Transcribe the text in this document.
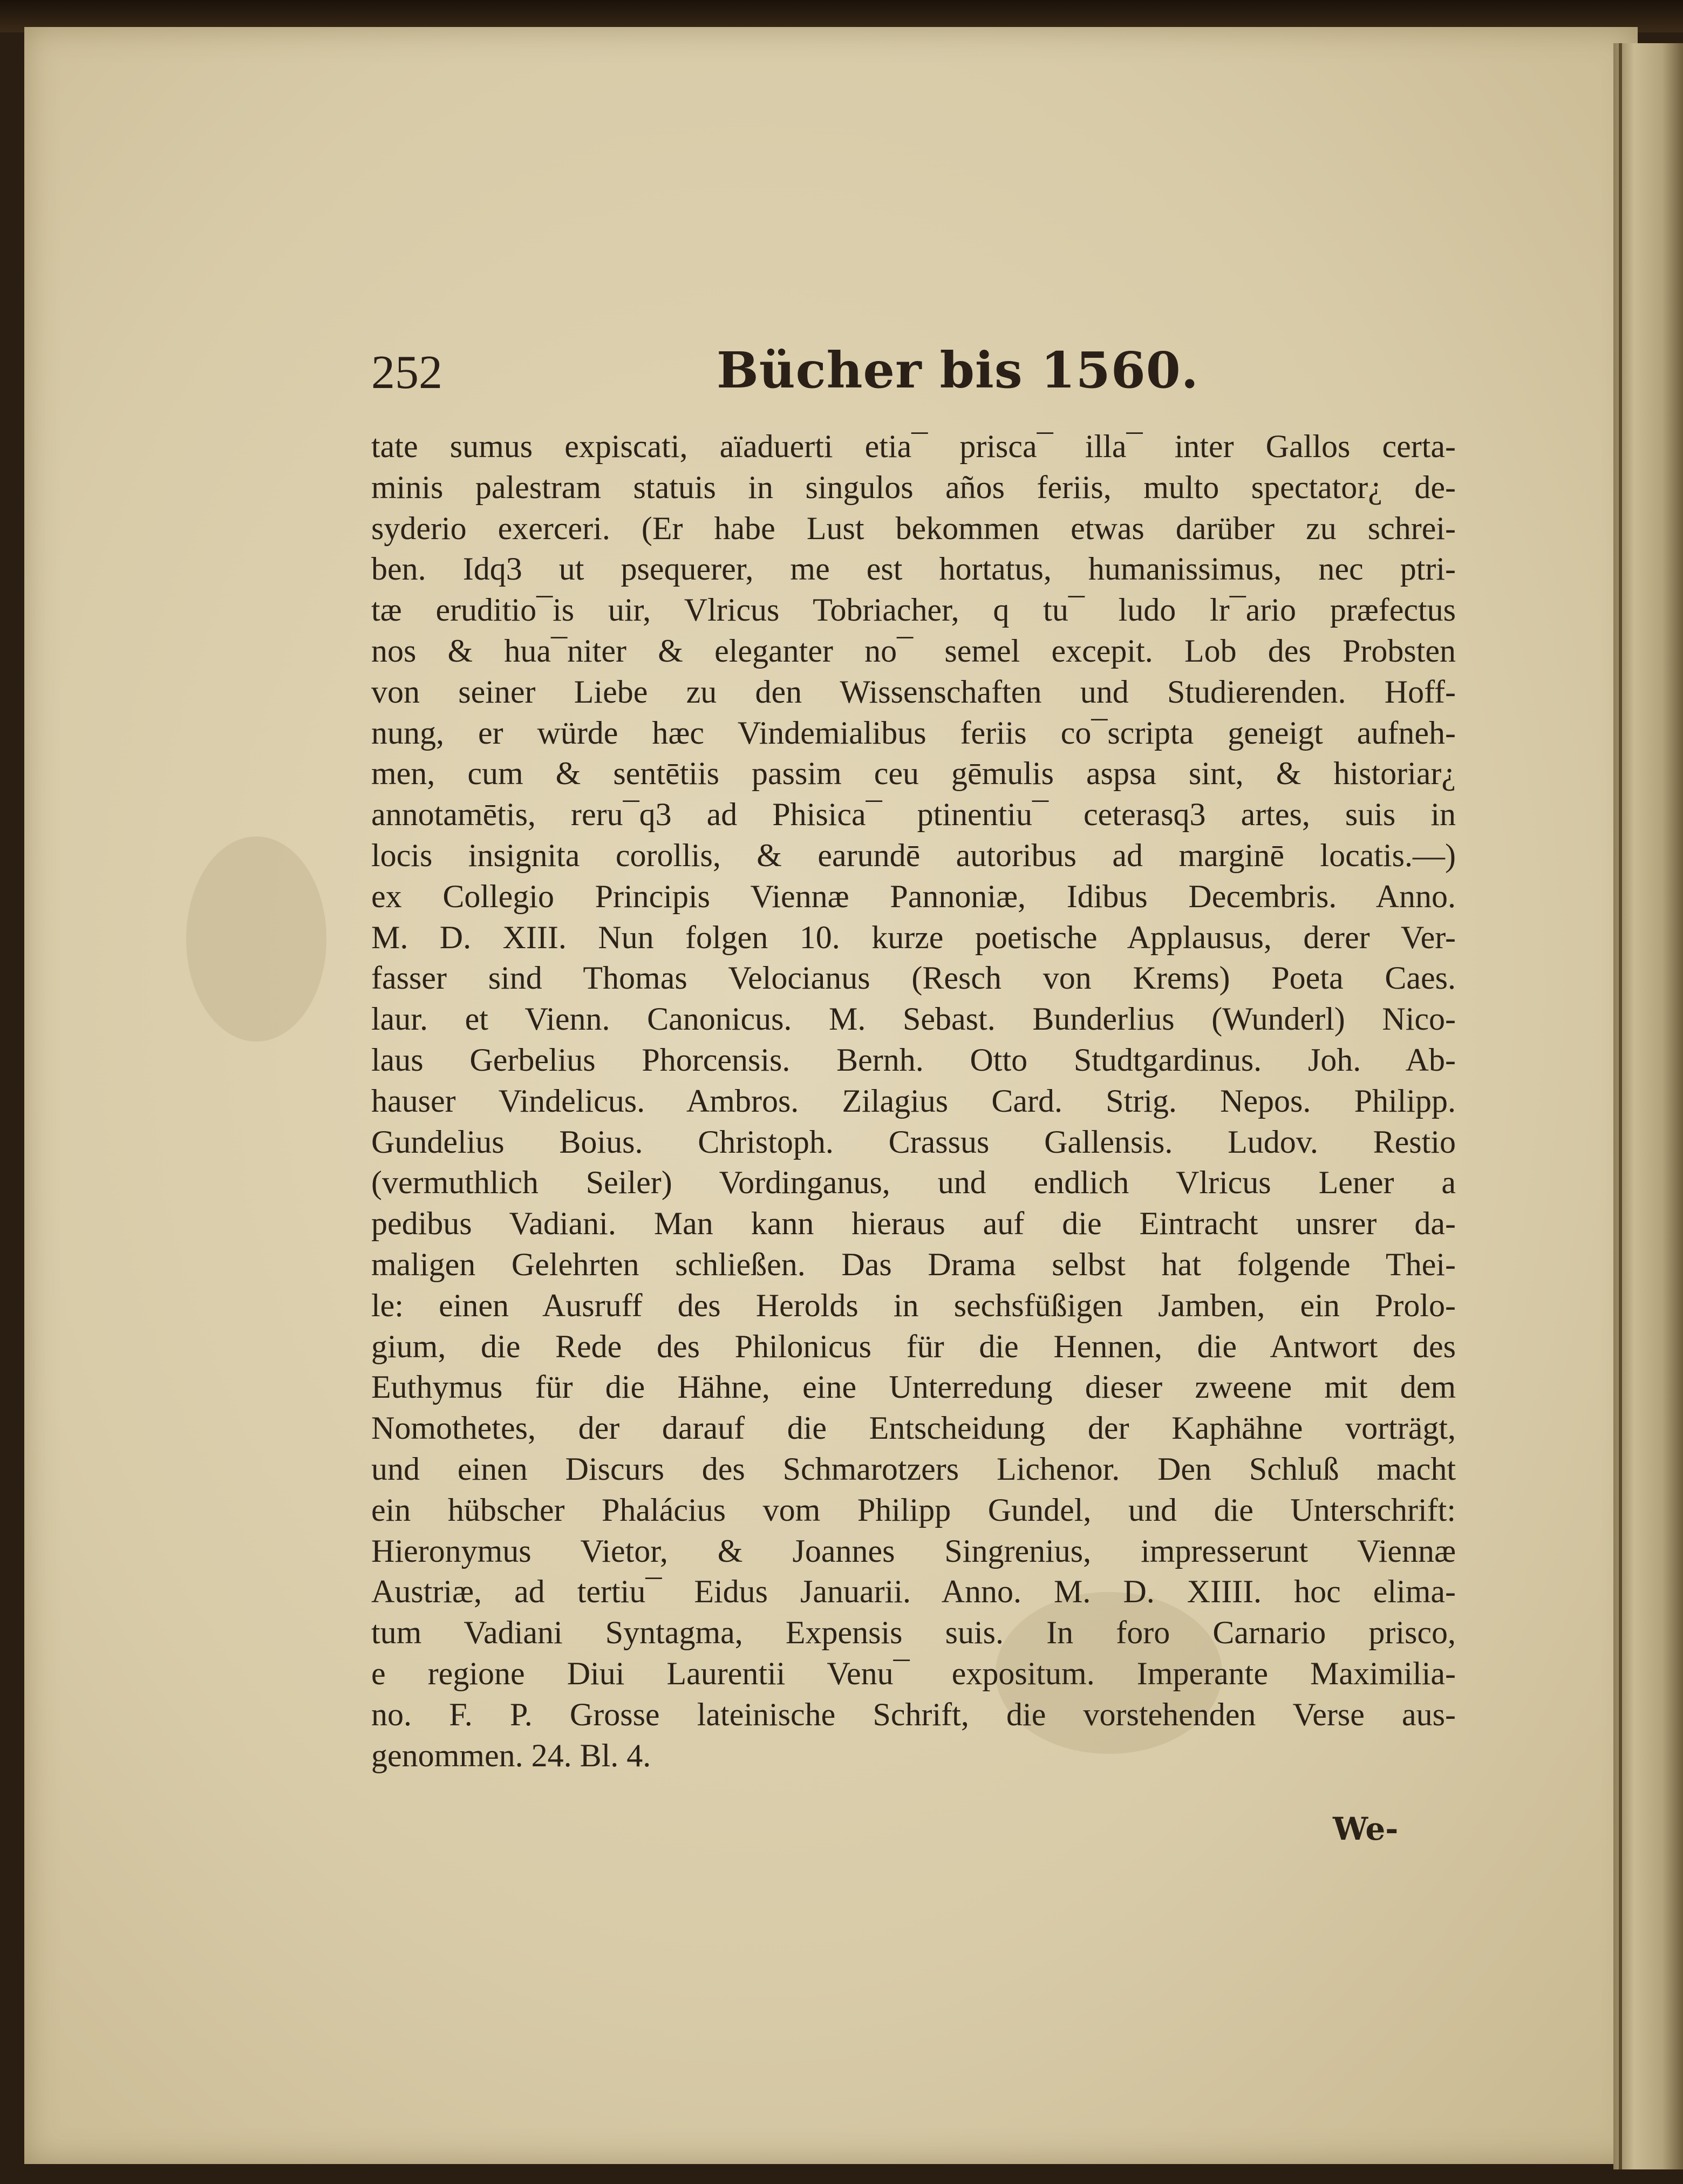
252	Bücher bis 1560.
tate sumus expiscati, aïaduerti etia¯ prisca¯ illa¯ inter Gallos certa-
minis palestram statuis in singulos años feriis, multo spectator¿ de-
syderio exerceri. (Er habe Lust bekommen etwas darüber zu schrei-
ben. Idq3 ut psequerer, me est hortatus, humanissimus, nec ptri-
tæ eruditio¯is uir, Vlricus Tobriacher, q tu¯ ludo lr¯ario præfectus
nos & hua¯niter & eleganter no¯ semel excepit. Lob des Probsten
von seiner Liebe zu den Wissenschaften und Studierenden. Hoff-
nung, er würde hæc Vindemialibus feriis co¯scripta geneigt aufneh-
men, cum & sentētiis passim ceu gēmulis aspsa sint, & historiar¿
annotamētis, reru¯q3 ad Phisica¯ ptinentiu¯ ceterasq3 artes, suis in
locis insignita corollis, & earundē autoribus ad marginē locatis.—)
ex Collegio Principis Viennæ Pannoniæ, Idibus Decembris. Anno.
M. D. XIII. Nun folgen 10. kurze poetische Applausus, derer Ver-
fasser sind Thomas Velocianus (Resch von Krems) Poeta Caes.
laur. et Vienn. Canonicus. M. Sebast. Bunderlius (Wunderl) Nico-
laus Gerbelius Phorcensis. Bernh. Otto Studtgardinus. Joh. Ab-
hauser Vindelicus. Ambros. Zilagius Card. Strig. Nepos. Philipp.
Gundelius Boius. Christoph. Crassus Gallensis. Ludov. Restio
(vermuthlich Seiler) Vordinganus, und endlich Vlricus Lener a
pedibus Vadiani. Man kann hieraus auf die Eintracht unsrer da-
maligen Gelehrten schließen. Das Drama selbst hat folgende Thei-
le: einen Ausruff des Herolds in sechsfüßigen Jamben, ein Prolo-
gium, die Rede des Philonicus für die Hennen, die Antwort des
Euthymus für die Hähne, eine Unterredung dieser zweene mit dem
Nomothetes, der darauf die Entscheidung der Kaphähne vorträgt,
und einen Discurs des Schmarotzers Lichenor. Den Schluß macht
ein hübscher Phalácius vom Philipp Gundel, und die Unterschrift:
Hieronymus Vietor, & Joannes Singrenius, impresserunt Viennæ
Austriæ, ad tertiu¯ Eidus Januarii. Anno. M. D. XIIII. hoc elima-
tum Vadiani Syntagma, Expensis suis. In foro Carnario prisco,
e regione Diui Laurentii Venu¯ expositum. Imperante Maximilia-
no. F. P. Grosse lateinische Schrift, die vorstehenden Verse aus-
genommen. 24. Bl. 4.
We-
